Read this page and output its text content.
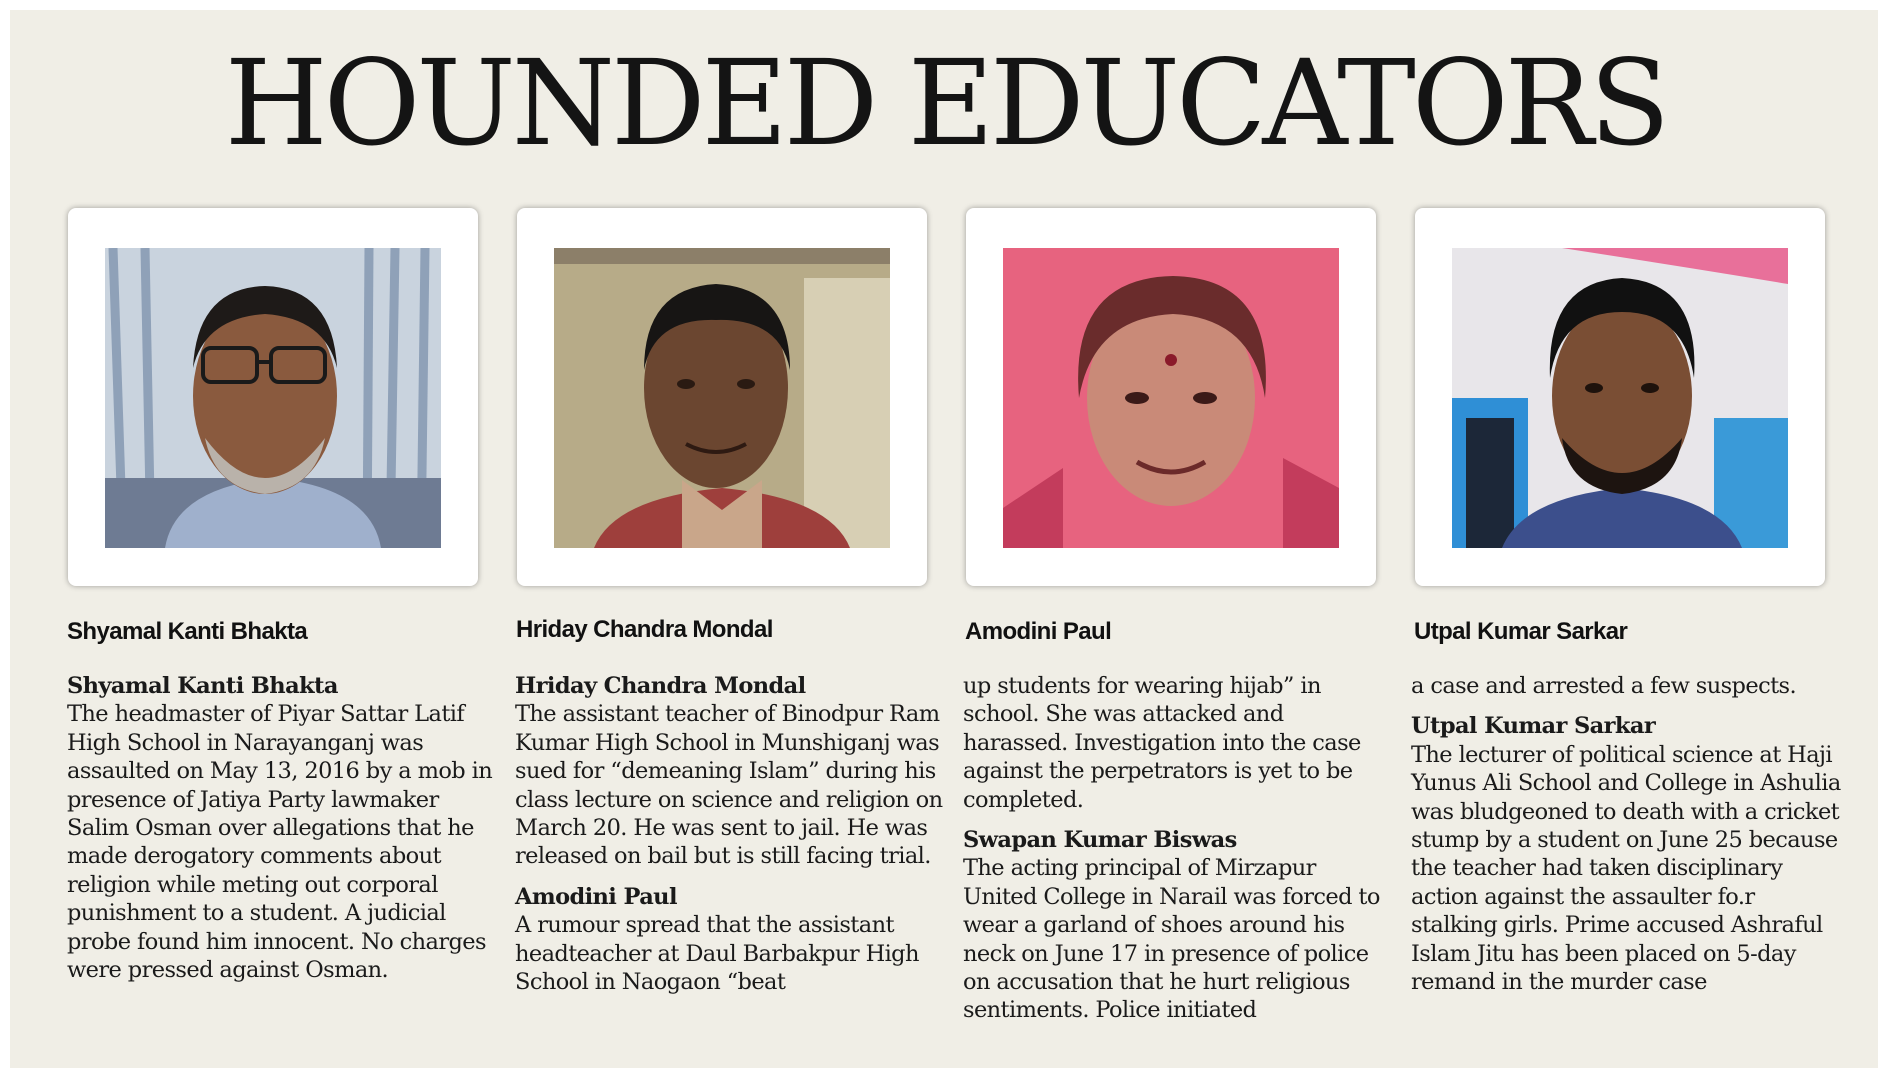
HOUNDED EDUCATORS

Shyamal Kanti Bhakta	Hriday Chandra Mondal	Amodini Paul	Utpal Kumar Sarkar

Shyamal Kanti Bhakta

The headmaster of Piyar Sattar Latif High School in Narayanganj was assaulted on May 13, 2016 by a mob in presence of Jatiya Party lawmaker Salim Osman over allegations that he made derogatory comments about religion while meting out corporal punishment to a student. A judicial probe found him innocent. No charges were pressed against Osman.

Hriday Chandra Mondal

The assistant teacher of Binodpur Ram Kumar High School in Munshiganj was sued for “demeaning Islam” during his class lecture on science and religion on March 20. He was sent to jail. He was released on bail but is still facing trial.

Amodini Paul

A rumour spread that the assistant headteacher at Daul Barbakpur High School in Naogaon “beat

up students for wearing hijab” in school. She was attacked and harassed. Investigation into the case against the perpetrators is yet to be completed.

Swapan Kumar Biswas

The acting principal of Mirzapur United College in Narail was forced to wear a garland of shoes around his neck on June 17 in presence of police on accusation that he hurt religious sentiments. Police initiated

a case and arrested a few suspects.

Utpal Kumar Sarkar

The lecturer of political science at Haji Yunus Ali School and College in Ashulia was bludgeoned to death with a cricket stump by a student on June 25 because the teacher had taken disciplinary action against the assaulter fo.r stalking girls. Prime accused Ashraful Islam Jitu has been placed on 5-day remand in the murder case
